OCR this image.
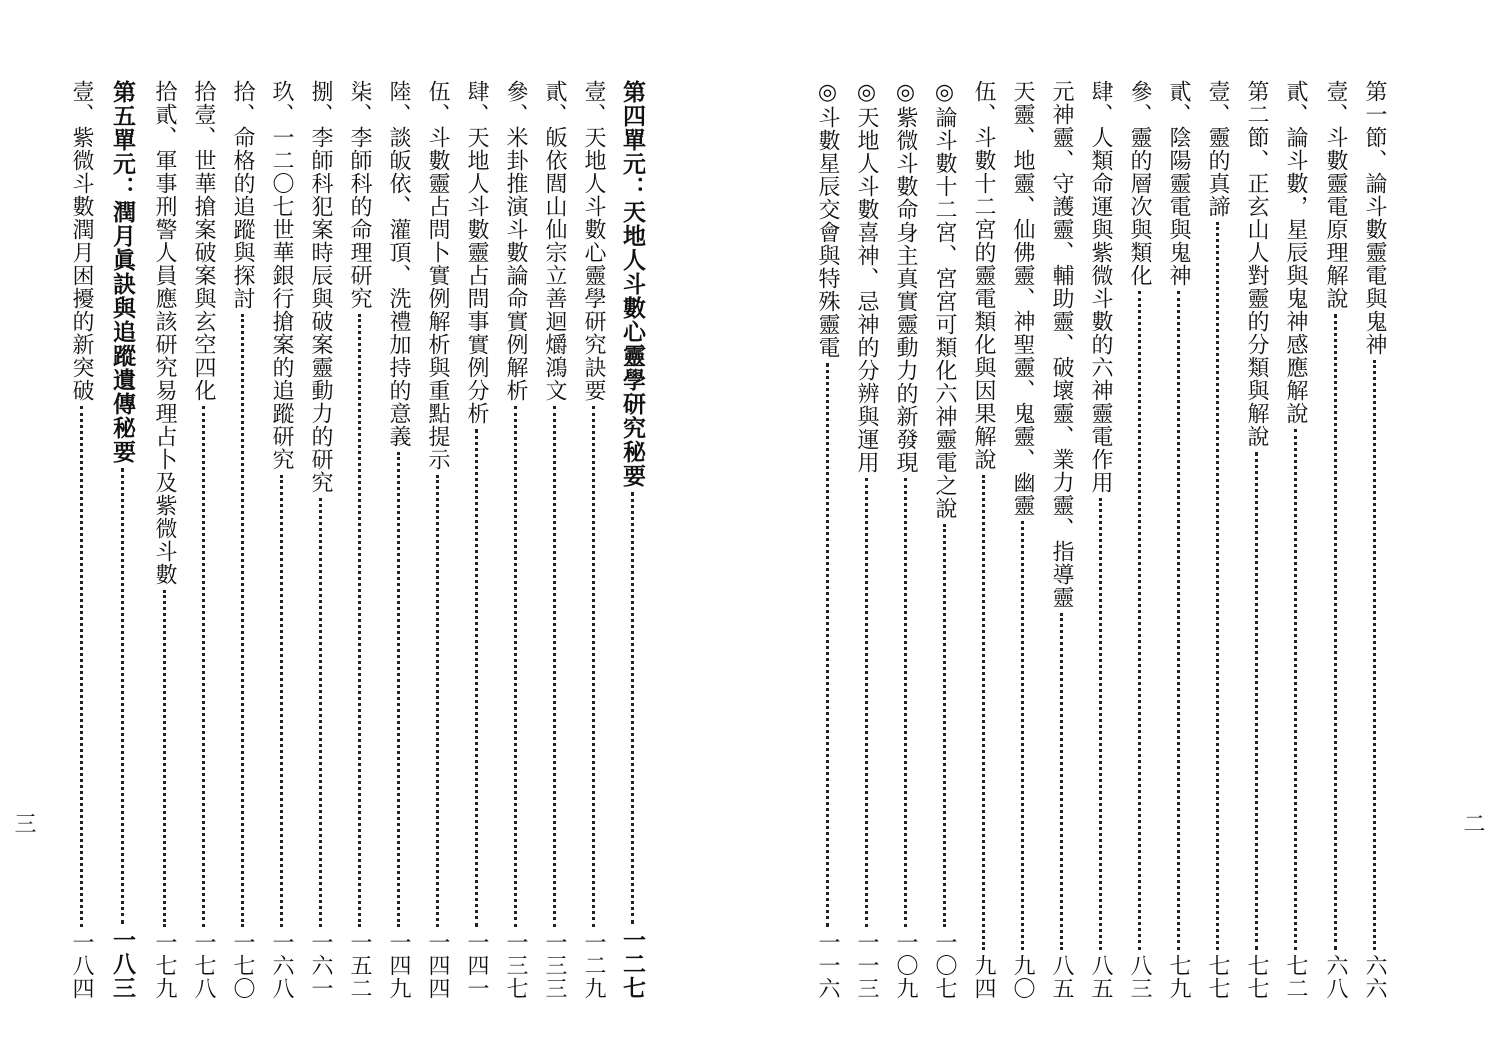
第一節、論斗數靈電與鬼神
六六
壹、斗數靈電原理解說
六八
貳、論斗數，星辰與鬼神感應解說
七二
第二節、正玄山人對靈的分類與解說
七七
壹、靈的真諦
七七
貳、陰陽靈電與鬼神
七九
參、靈的層次與類化
八三
肆、人類命運與紫微斗數的六神靈電作用
八五
元神靈、守護靈、輔助靈、破壞靈、業力靈、指導靈
八五
天靈、地靈、仙佛靈、神聖靈、鬼靈、幽靈
九〇
伍、斗數十二宮的靈電類化與因果解說
九四
◎論斗數十二宮、宮宮可類化六神靈電之說
一〇七
◎紫微斗數命身主真實靈動力的新發現
一〇九
◎天地人斗數喜神、忌神的分辨與運用
一一三
◎斗數星辰交會與特殊靈電
一一六
二
第四單元：天地人斗數心靈學研究秘要
一二七
壹、天地人斗數心靈學研究訣要
一二九
貳、皈依閭山仙宗立善迴爝鴻文
一三三
參、米卦推演斗數論命實例解析
一三七
肆、天地人斗數靈占問事實例分析
一四一
伍、斗數靈占問卜實例解析與重點提示
一四四
陸、談皈依、灌頂、洗禮加持的意義
一四九
柒、李師科的命理研究
一五二
捌、李師科犯案時辰與破案靈動力的研究
一六一
玖、一二〇七世華銀行搶案的追蹤研究
一六八
拾、命格的追蹤與探討
一七〇
拾壹、世華搶案破案與玄空四化
一七八
拾貳、軍事刑警人員應該研究易理占卜及紫微斗數
一七九
第五單元：潤月眞訣與追蹤遺傳秘要
一八三
壹、紫微斗數潤月困擾的新突破
一八四
三
